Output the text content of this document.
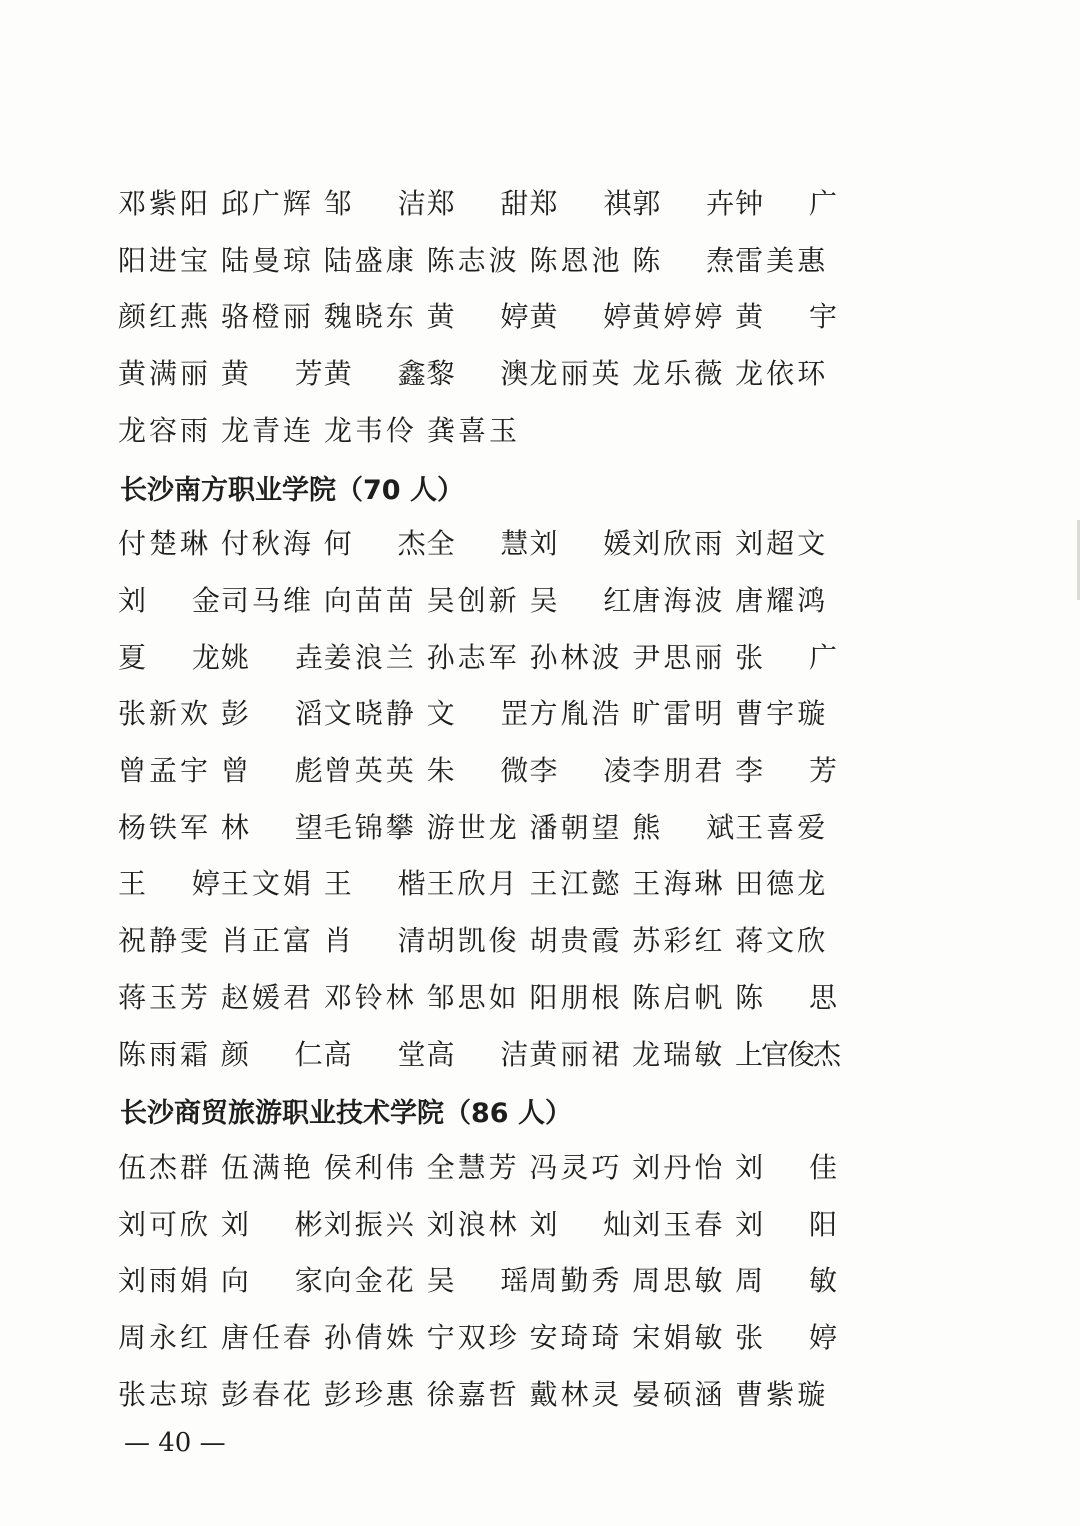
邓 紫 阳 邱 广 辉 邹 洁 郑 甜 郑 祺 郭 卉 钟 广
阳 进 宝 陆 曼 琼 陆 盛 康 陈 志 波 陈 恩 池 陈 焘 雷 美 惠
颜 红 燕 骆 橙 丽 魏 晓 东 黄 婷 黄 婷 黄 婷 婷 黄 宇
黄 满 丽 黄 芳 黄 鑫 黎 澳 龙 丽 英 龙 乐 薇 龙 依 环
龙 容 雨 龙 青 连 龙 韦 伶 龚 喜 玉
长沙南方职业学院（70 人）
付 楚 琳 付 秋 海 何 杰 全 慧 刘 媛 刘 欣 雨 刘 超 文
刘 金 司 马 维 向 苗 苗 吴 创 新 吴 红 唐 海 波 唐 耀 鸿
夏 龙 姚 垚 姜 浪 兰 孙 志 军 孙 林 波 尹 思 丽 张 广
张 新 欢 彭 滔 文 晓 静 文 罡 方 胤 浩 旷 雷 明 曹 宇 璇
曾 孟 宇 曾 彪 曾 英 英 朱 微 李 凌 李 朋 君 李 芳
杨 铁 军 林 望 毛 锦 攀 游 世 龙 潘 朝 望 熊 斌 王 喜 爱
王 婷 王 文 娟 王 楷 王 欣 月 王 江 懿 王 海 琳 田 德 龙
祝 静 雯 肖 正 富 肖 清 胡 凯 俊 胡 贵 霞 苏 彩 红 蒋 文 欣
蒋 玉 芳 赵 媛 君 邓 铃 林 邹 思 如 阳 朋 根 陈 启 帆 陈 思
陈 雨 霜 颜 仁 高 堂 高 洁 黄 丽 裙 龙 瑞 敏 上 官 俊 杰
长沙商贸旅游职业技术学院（86 人）
伍 杰 群 伍 满 艳 侯 利 伟 全 慧 芳 冯 灵 巧 刘 丹 怡 刘 佳
刘 可 欣 刘 彬 刘 振 兴 刘 浪 林 刘 灿 刘 玉 春 刘 阳
刘 雨 娟 向 家 向 金 花 吴 瑶 周 勤 秀 周 思 敏 周 敏
周 永 红 唐 任 春 孙 倩 姝 宁 双 珍 安 琦 琦 宋 娟 敏 张 婷
张 志 琼 彭 春 花 彭 珍 惠 徐 嘉 哲 戴 林 灵 晏 硕 涵 曹 紫 璇
— 40 —
